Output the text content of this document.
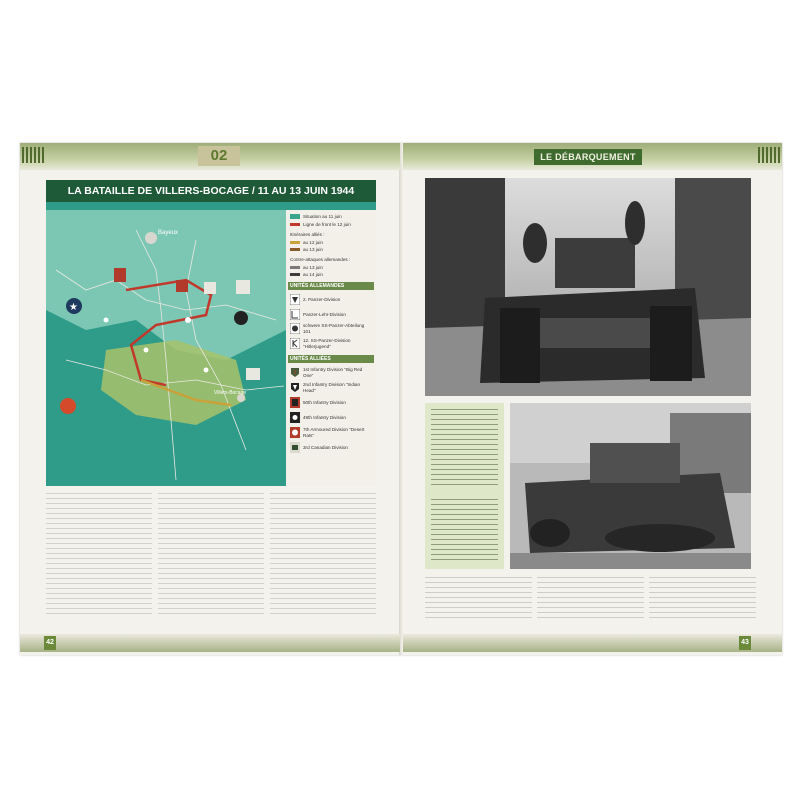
02	LE DÉBARQUEMENT
LA BATAILLE DE VILLERS-BOCAGE / 11 AU 13 JUIN 1944
Bayeux
Villers-Bocage
★
Situation au 11 juin
Ligne de front le 12 juin
Itinéraires alliés :
au 12 juin
au 13 juin
Contre-attaques allemandes :
au 13 juin
au 14 juin
UNITÉS ALLEMANDES
2. Panzer-Division
Panzer-Lehr-Division
schwere SS-Panzer-Abteilung 101
12. SS-Panzer-Division "Hitlerjugend"
UNITÉS ALLIÉES
1
1st Infantry Division "Big Red One"
2nd Infantry Division "Indian Head"
50th Infantry Division
49th Infantry Division
7th Armoured Division "Desert Rats"
3rd Canadian Division
42	43
